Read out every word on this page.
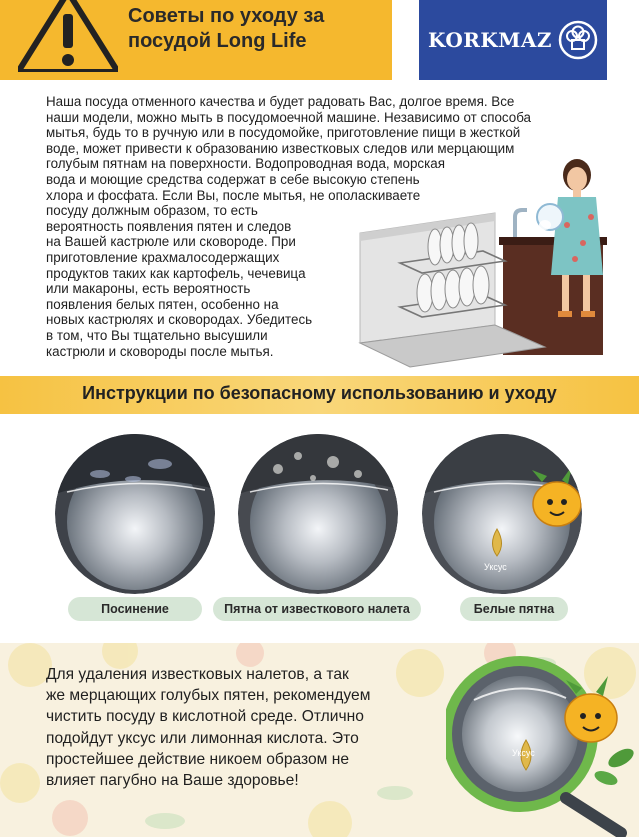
Советы по уходу за
посудой Long Life	KORKMAZ
Наша посуда отменного качества и будет радовать Вас, долгое время. Все
наши модели, можно мыть в посудомоечной машине. Независимо от способа
мытья, будь то в ручную или в посудомойке, приготовление пищи в жесткой
воде, может привести к образованию известковых следов или мерцающим
голубым пятнам на поверхности. Водопроводная вода, морская
вода и моющие средства содержат в себе высокую степень
хлора и фосфата. Если Вы, после мытья, не ополаскиваете
посуду должным образом, то есть
вероятность появления пятен и следов
на Вашей кастрюле или сковороде. При
приготовление крахмалосодержащих
продуктов таких как картофель, чечевица
или макароны, есть вероятность
появления белых пятен, особенно на
новых кастрюлях и сковородах. Убедитесь
в том, что Вы тщательно высушили
кастрюли и сковороды после мытья.
Инструкции по безопасному использованию и уходу
Посинение	Пятна от известкового налета
Уксус
Белые пятна
Для удаления известковых налетов, а так
же мерцающих голубых пятен, рекомендуем
чистить посуду в кислотной среде. Отлично
подойдут уксус или лимонная кислота. Это
простейшее действие никоем образом не
влияет пагубно на Ваше здоровье!
Уксус
